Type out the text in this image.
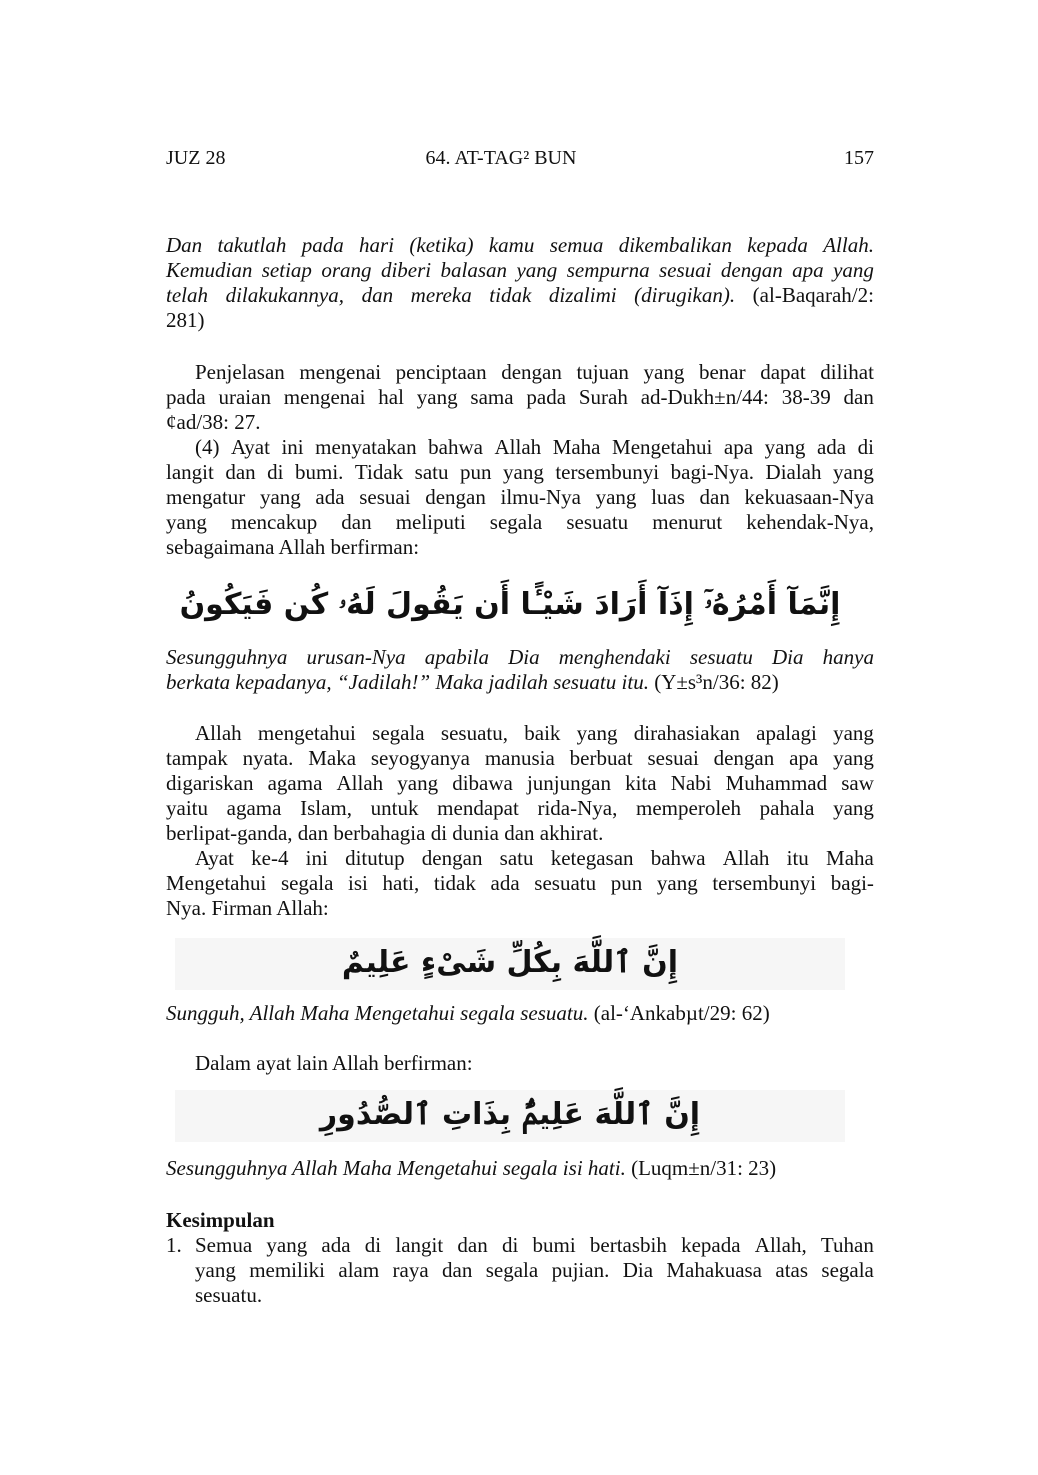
JUZ 28	64. AT-TAG² BUN	157
Dan takutlah pada hari (ketika) kamu semua dikembalikan kepada Allah.
Kemudian setiap orang diberi balasan yang sempurna sesuai dengan apa yang
telah dilakukannya, dan mereka tidak dizalimi (dirugikan). (al-Baqarah/2:
281)
Penjelasan mengenai penciptaan dengan tujuan yang benar dapat dilihat
pada uraian mengenai hal yang sama pada Surah ad-Dukh±n/44: 38-39 dan
¢ad/38: 27.
(4) Ayat ini menyatakan bahwa Allah Maha Mengetahui apa yang ada di
langit dan di bumi. Tidak satu pun yang tersembunyi bagi-Nya. Dialah yang
mengatur yang ada sesuai dengan ilmu-Nya yang luas dan kekuasaan-Nya
yang mencakup dan meliputi segala sesuatu menurut kehendak-Nya,
sebagaimana Allah berfirman:
إِنَّمَآ أَمْرُهُۥٓ إِذَآ أَرَادَ شَيْـًٔا أَن يَقُولَ لَهُۥ كُن فَيَكُونُ
Sesungguhnya urusan-Nya apabila Dia menghendaki sesuatu Dia hanya
berkata kepadanya, “Jadilah!” Maka jadilah sesuatu itu. (Y±s³n/36: 82)
Allah mengetahui segala sesuatu, baik yang dirahasiakan apalagi yang
tampak nyata. Maka seyogyanya manusia berbuat sesuai dengan apa yang
digariskan agama Allah yang dibawa junjungan kita Nabi Muhammad saw
yaitu agama Islam, untuk mendapat rida-Nya, memperoleh pahala yang
berlipat-ganda, dan berbahagia di dunia dan akhirat.
Ayat ke-4 ini ditutup dengan satu ketegasan bahwa Allah itu Maha
Mengetahui segala isi hati, tidak ada sesuatu pun yang tersembunyi bagi-
Nya. Firman Allah:
إِنَّ ٱللَّهَ بِكُلِّ شَىْءٍ عَلِيمٌ
Sungguh, Allah Maha Mengetahui segala sesuatu. (al-‘Ankabµt/29: 62)
Dalam ayat lain Allah berfirman:
إِنَّ ٱللَّهَ عَلِيمٌۢ بِذَاتِ ٱلصُّدُورِ
Sesungguhnya Allah Maha Mengetahui segala isi hati. (Luqm±n/31: 23)
Kesimpulan
1. Semua yang ada di langit dan di bumi bertasbih kepada Allah, Tuhan
yang memiliki alam raya dan segala pujian. Dia Mahakuasa atas segala
sesuatu.
